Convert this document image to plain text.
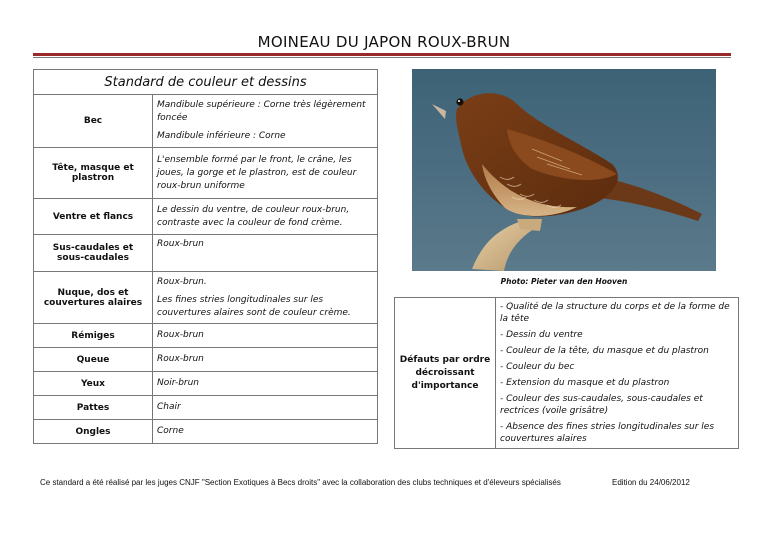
MOINEAU DU JAPON ROUX-BRUN
Standard de couleur et dessins	
Bec	Mandibule supérieure : Corne très légèrement foncée

Mandibule inférieure : Corne

Tête, masque et plastron	L'ensemble formé par le front, le crâne, les joues, la gorge et le plastron, est de couleur roux-brun uniforme

Ventre et flancs	Le dessin du ventre, de couleur roux-brun, contraste avec la couleur de fond crème.

Sus-caudales et sous-caudales	Roux-brun

Nuque, dos et couvertures alaires	Roux-brun.

Les fines stries longitudinales sur les couvertures alaires sont de couleur crème.

Rémiges	Roux-brun

Queue	Roux-brun

Yeux	Noir-brun

Pattes	Chair

Ongles	Corne

Photo: Pieter van den Hooven
Défauts par ordre décroissant d'importance	
- Qualité de la structure du corps et de la forme de la tête
- Dessin du ventre
- Couleur de la tête, du masque et du plastron
- Couleur du bec
- Extension du masque et du plastron
- Couleur des sus-caudales, sous-caudales et rectrices (voile grisâtre)
- Absence des fines stries longitudinales sur les couvertures alaires
Ce standard a été réalisé par les juges CNJF "Section Exotiques à Becs droits" avec la collaboration des clubs techniques et d'éleveurs spécialisés	Edition du 24/06/2012
